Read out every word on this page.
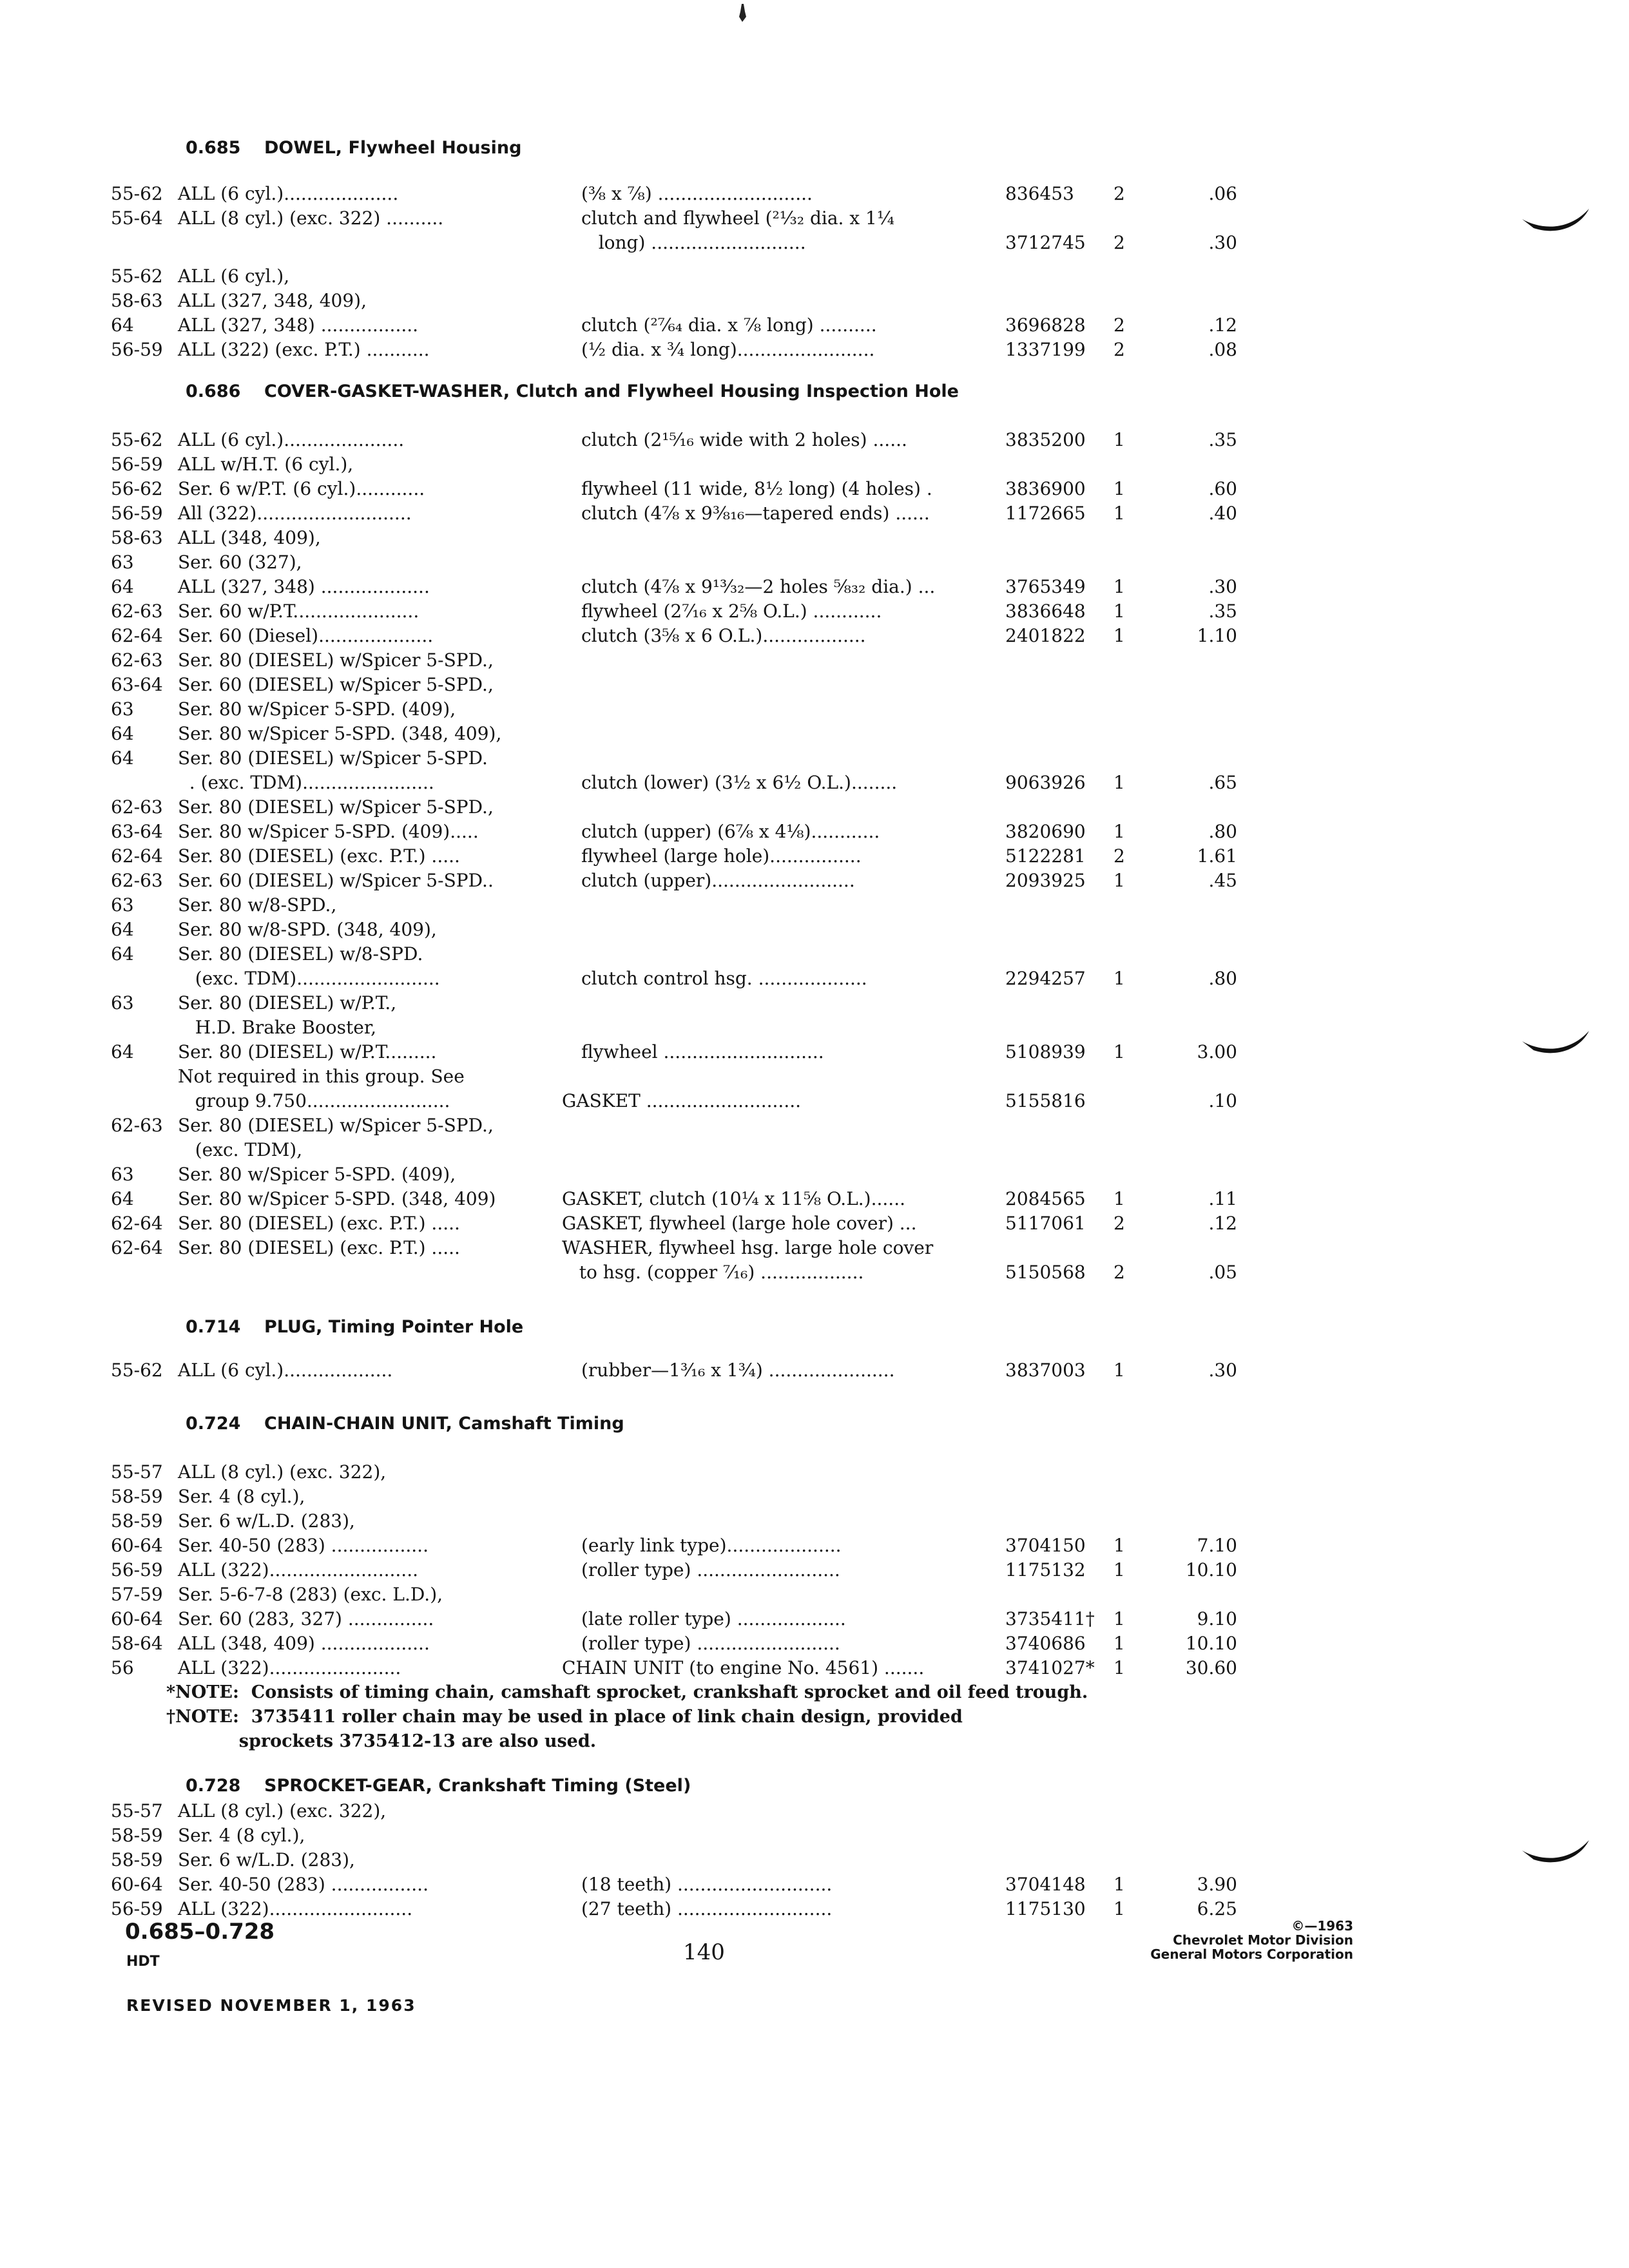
0.685 DOWEL, Flywheel Housing
0.686 COVER-GASKET-WASHER, Clutch and Flywheel Housing Inspection Hole
0.714 PLUG, Timing Pointer Hole
0.724 CHAIN-CHAIN UNIT, Camshaft Timing
0.728 SPROCKET-GEAR, Crankshaft Timing (Steel)
0.685–0.728
HDT	140
REVISED NOVEMBER 1, 1963
©—1963
Chevrolet Motor Division
General Motors Corporation
55-62 ALL (6 cyl.)....................	(⅜ x ⅞) ...........................	836453 2	.06
55-64 ALL (8 cyl.) (exc. 322) ..........	clutch and flywheel (²¹⁄₃₂ dia. x 1¼
long) ...........................	3712745 2	.30
55-62 ALL (6 cyl.),
58-63 ALL (327, 348, 409),
64 ALL (327, 348) .................	clutch (²⁷⁄₆₄ dia. x ⅞ long) ..........	3696828 2	.12
56-59 ALL (322) (exc. P.T.) ...........	(½ dia. x ¾ long)........................	1337199 2	.08
55-62 ALL (6 cyl.).....................	clutch (2¹⁵⁄₁₆ wide with 2 holes) ......	3835200 1	.35
56-59 ALL w/H.T. (6 cyl.),
56-62 Ser. 6 w/P.T. (6 cyl.)............	flywheel (11 wide, 8½ long) (4 holes) .	3836900 1	.60
56-59 All (322)...........................	clutch (4⅞ x 9⅜₁₆—tapered ends) ......	1172665 1	.40
58-63 ALL (348, 409),
63 Ser. 60 (327),
64 ALL (327, 348) ...................	clutch (4⅞ x 9¹³⁄₃₂—2 holes ⅝₃₂ dia.) ...	3765349 1	.30
62-63 Ser. 60 w/P.T......................	flywheel (2⁷⁄₁₆ x 2⅝ O.L.) ............	3836648 1	.35
62-64 Ser. 60 (Diesel)....................	clutch (3⅝ x 6 O.L.)..................	2401822 1	1.10
62-63 Ser. 80 (DIESEL) w/Spicer 5-SPD.,
63-64 Ser. 60 (DIESEL) w/Spicer 5-SPD.,
63 Ser. 80 w/Spicer 5-SPD. (409),
64 Ser. 80 w/Spicer 5-SPD. (348, 409),
64 Ser. 80 (DIESEL) w/Spicer 5-SPD.
. (exc. TDM).......................	clutch (lower) (3½ x 6½ O.L.)........	9063926 1	.65
62-63 Ser. 80 (DIESEL) w/Spicer 5-SPD.,
63-64 Ser. 80 w/Spicer 5-SPD. (409).....	clutch (upper) (6⅞ x 4⅛)............	3820690 1	.80
62-64 Ser. 80 (DIESEL) (exc. P.T.) .....	flywheel (large hole)................	5122281 2	1.61
62-63 Ser. 60 (DIESEL) w/Spicer 5-SPD..	clutch (upper).........................	2093925 1	.45
63 Ser. 80 w/8-SPD.,
64 Ser. 80 w/8-SPD. (348, 409),
64 Ser. 80 (DIESEL) w/8-SPD.
(exc. TDM).........................	clutch control hsg. ...................	2294257 1	.80
63 Ser. 80 (DIESEL) w/P.T.,
H.D. Brake Booster,
64 Ser. 80 (DIESEL) w/P.T.........	flywheel ............................	5108939 1	3.00
Not required in this group. See
group 9.750.........................	GASKET ...........................	5155816	.10
62-63 Ser. 80 (DIESEL) w/Spicer 5-SPD.,
(exc. TDM),
63 Ser. 80 w/Spicer 5-SPD. (409),
64 Ser. 80 w/Spicer 5-SPD. (348, 409)	GASKET, clutch (10¼ x 11⅝ O.L.)......	2084565 1	.11
62-64 Ser. 80 (DIESEL) (exc. P.T.) .....	GASKET, flywheel (large hole cover) ...	5117061 2	.12
62-64 Ser. 80 (DIESEL) (exc. P.T.) .....	WASHER, flywheel hsg. large hole cover
to hsg. (copper ⁷⁄₁₆) ..................	5150568 2	.05
55-62 ALL (6 cyl.)...................	(rubber—1³⁄₁₆ x 1³⁄₄) ......................	3837003 1	.30
55-57 ALL (8 cyl.) (exc. 322),
58-59 Ser. 4 (8 cyl.),
58-59 Ser. 6 w/L.D. (283),
60-64 Ser. 40-50 (283) .................	(early link type)....................	3704150 1	7.10
56-59 ALL (322)..........................	(roller type) .........................	1175132 1	10.10
57-59 Ser. 5-6-7-8 (283) (exc. L.D.),
60-64 Ser. 60 (283, 327) ...............	(late roller type) ...................	3735411† 1	9.10
58-64 ALL (348, 409) ...................	(roller type) .........................	3740686 1	10.10
56 ALL (322).......................	CHAIN UNIT (to engine No. 4561) .......	3741027* 1	30.60
*NOTE:  Consists of timing chain, camshaft sprocket, crankshaft sprocket and oil feed trough.
†NOTE:  3735411 roller chain may be used in place of link chain design, provided
sprockets 3735412-13 are also used.
55-57 ALL (8 cyl.) (exc. 322),
58-59 Ser. 4 (8 cyl.),
58-59 Ser. 6 w/L.D. (283),
60-64 Ser. 40-50 (283) .................	(18 teeth) ...........................	3704148 1	3.90
56-59 ALL (322).........................	(27 teeth) ...........................	1175130 1	6.25
